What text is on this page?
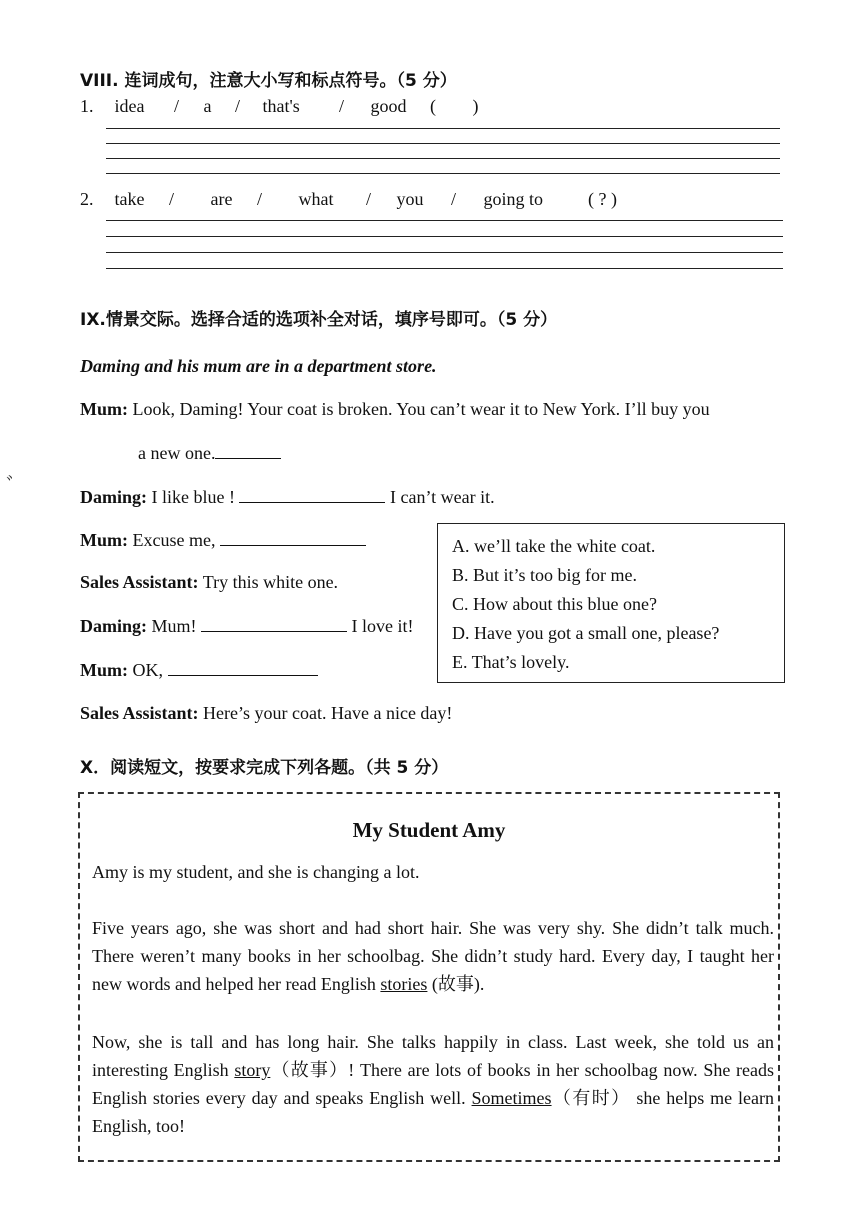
VIII. 连词成句，注意大小写和标点符号。（5 分）
1. idea / a / that's / good ( )
2. take / are / what / you / going to ( ? )
IX.情景交际。选择合适的选项补全对话，填序号即可。（5 分）
Daming and his mum are in a department store.
Mum: Look, Daming! Your coat is broken. You can’t wear it to New York. I’ll buy you
a new one.
ﾞ	Daming: I like blue !	I can’t wear it.
Mum: Excuse me,
Sales Assistant: Try this white one.
Daming: Mum!	I love it!
Mum: OK,
Sales Assistant: Here’s your coat. Have a nice day!
A. we’ll take the white coat.
B. But it’s too big for me.
C. How about this blue one?
D. Have you got a small one, please?
E. That’s lovely.
X．阅读短文，按要求完成下列各题。（共 5 分）
My Student Amy
Amy is my student, and she is changing a lot.
Five years ago, she was short and had short hair. She was very shy. She didn’t talk much. There weren’t many books in her schoolbag. She didn’t study hard. Every day, I taught her new words and helped her read English stories (故事).
Now, she is tall and has long hair. She talks happily in class. Last week, she told us an interesting English story（故事）! There are lots of books in her schoolbag now. She reads English stories every day and speaks English well. Sometimes（有时） she helps me learn English, too!
